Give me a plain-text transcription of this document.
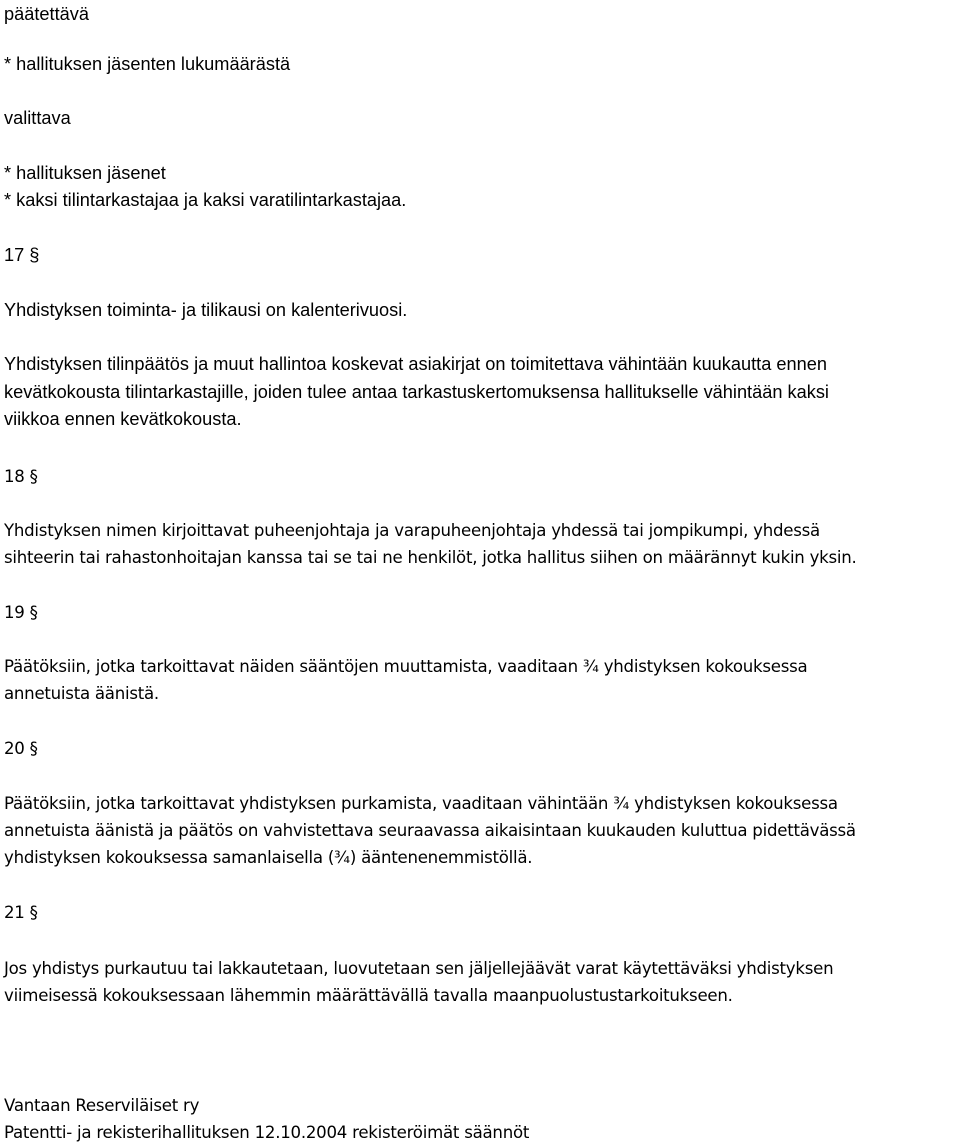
päätettävä

* hallituksen jäsenten lukumäärästä

valittava

* hallituksen jäsenet

* kaksi tilintarkastajaa ja kaksi varatilintarkastajaa.

17 §

Yhdistyksen toiminta- ja tilikausi on kalenterivuosi.

Yhdistyksen tilinpäätös ja muut hallintoa koskevat asiakirjat on toimitettava vähintään kuukautta ennen

kevätkokousta tilintarkastajille, joiden tulee antaa tarkastuskertomuksensa hallitukselle vähintään kaksi

viikkoa ennen kevätkokousta.

18 §

Yhdistyksen nimen kirjoittavat puheenjohtaja ja varapuheenjohtaja yhdessä tai jompikumpi, yhdessä

sihteerin tai rahastonhoitajan kanssa tai se tai ne henkilöt, jotka hallitus siihen on määrännyt kukin yksin.

19 §

Päätöksiin, jotka tarkoittavat näiden sääntöjen muuttamista, vaaditaan ¾ yhdistyksen kokouksessa

annetuista äänistä.

20 §

Päätöksiin, jotka tarkoittavat yhdistyksen purkamista, vaaditaan vähintään ¾ yhdistyksen kokouksessa

annetuista äänistä ja päätös on vahvistettava seuraavassa aikaisintaan kuukauden kuluttua pidettävässä

yhdistyksen kokouksessa samanlaisella (¾) ääntenenemmistöllä.

21 §

Jos yhdistys purkautuu tai lakkautetaan, luovutetaan sen jäljellejäävät varat käytettäväksi yhdistyksen

viimeisessä kokouksessaan lähemmin määrättävällä tavalla maanpuolustustarkoitukseen.

Vantaan Reserviläiset ry

Patentti- ja rekisterihallituksen 12.10.2004 rekisteröimät säännöt
